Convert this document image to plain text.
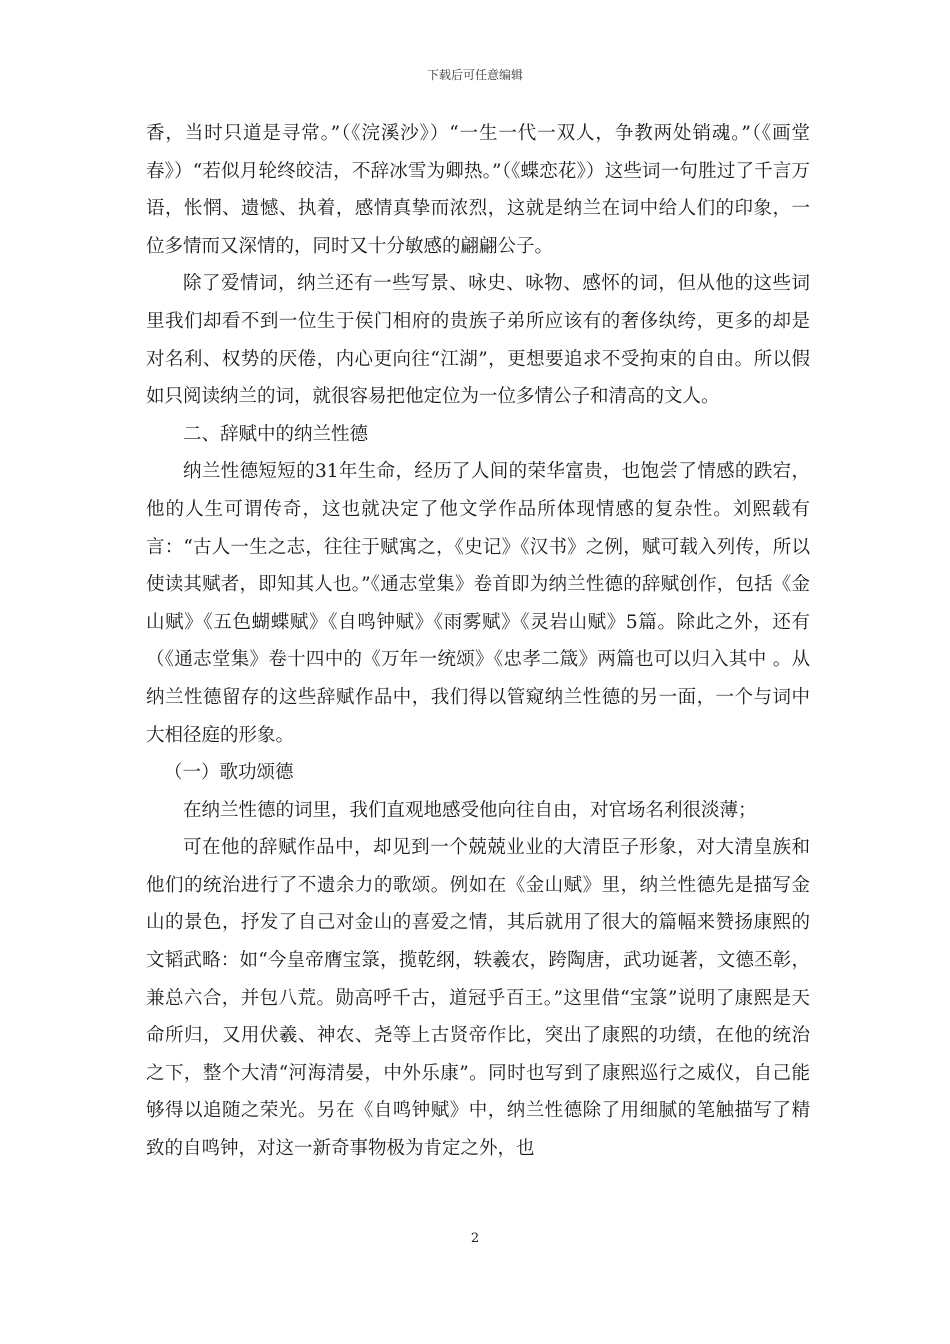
下载后可任意编辑

香，当时只道是寻常。”（《浣溪沙》）“一生一代一双人，争教两处销魂。”（《画堂春》）“若似月轮终皎洁，不辞冰雪为卿热。”（《蝶恋花》）这些词一句胜过了千言万语，怅惘、遗憾、执着，感情真挚而浓烈，这就是纳兰在词中给人们的印象，一位多情而又深情的，同时又十分敏感的翩翩公子。

除了爱情词，纳兰还有一些写景、咏史、咏物、感怀的词，但从他的这些词里我们却看不到一位生于侯门相府的贵族子弟所应该有的奢侈纨绔，更多的却是对名利、权势的厌倦，内心更向往“江湖”，更想要追求不受拘束的自由。所以假如只阅读纳兰的词，就很容易把他定位为一位多情公子和清高的文人。

二、辞赋中的纳兰性德

纳兰性德短短的31年生命，经历了人间的荣华富贵，也饱尝了情感的跌宕，他的人生可谓传奇，这也就决定了他文学作品所体现情感的复杂性。刘熙载有言：“古人一生之志，往往于赋寓之，《史记》《汉书》之例，赋可载入列传，所以使读其赋者，即知其人也。”《通志堂集》卷首即为纳兰性德的辞赋创作，包括《金山赋》《五色蝴蝶赋》《自鸣钟赋》《雨雾赋》《灵岩山赋》5篇。除此之外，还有（《通志堂集》卷十四中的《万年一统颂》《忠孝二箴》两篇也可以归入其中 。从纳兰性德留存的这些辞赋作品中，我们得以管窥纳兰性德的另一面，一个与词中大相径庭的形象。

（一）歌功颂德

在纳兰性德的词里，我们直观地感受他向往自由，对官场名利很淡薄；

可在他的辞赋作品中，却见到一个兢兢业业的大清臣子形象，对大清皇族和他们的统治进行了不遗余力的歌颂。例如在《金山赋》里，纳兰性德先是描写金山的景色，抒发了自己对金山的喜爱之情，其后就用了很大的篇幅来赞扬康熙的文韬武略：如“今皇帝膺宝箓，揽乾纲，轶羲农，跨陶唐，武功诞著，文德丕彰，兼总六合，并包八荒。勋高呼千古，道冠乎百王。”这里借“宝箓”说明了康熙是天命所归，又用伏羲、神农、尧等上古贤帝作比，突出了康熙的功绩，在他的统治之下，整个大清“河海清晏，中外乐康”。同时也写到了康熙巡行之威仪，自己能够得以追随之荣光。另在《自鸣钟赋》中，纳兰性德除了用细腻的笔触描写了精致的自鸣钟，对这一新奇事物极为肯定之外，也

2
